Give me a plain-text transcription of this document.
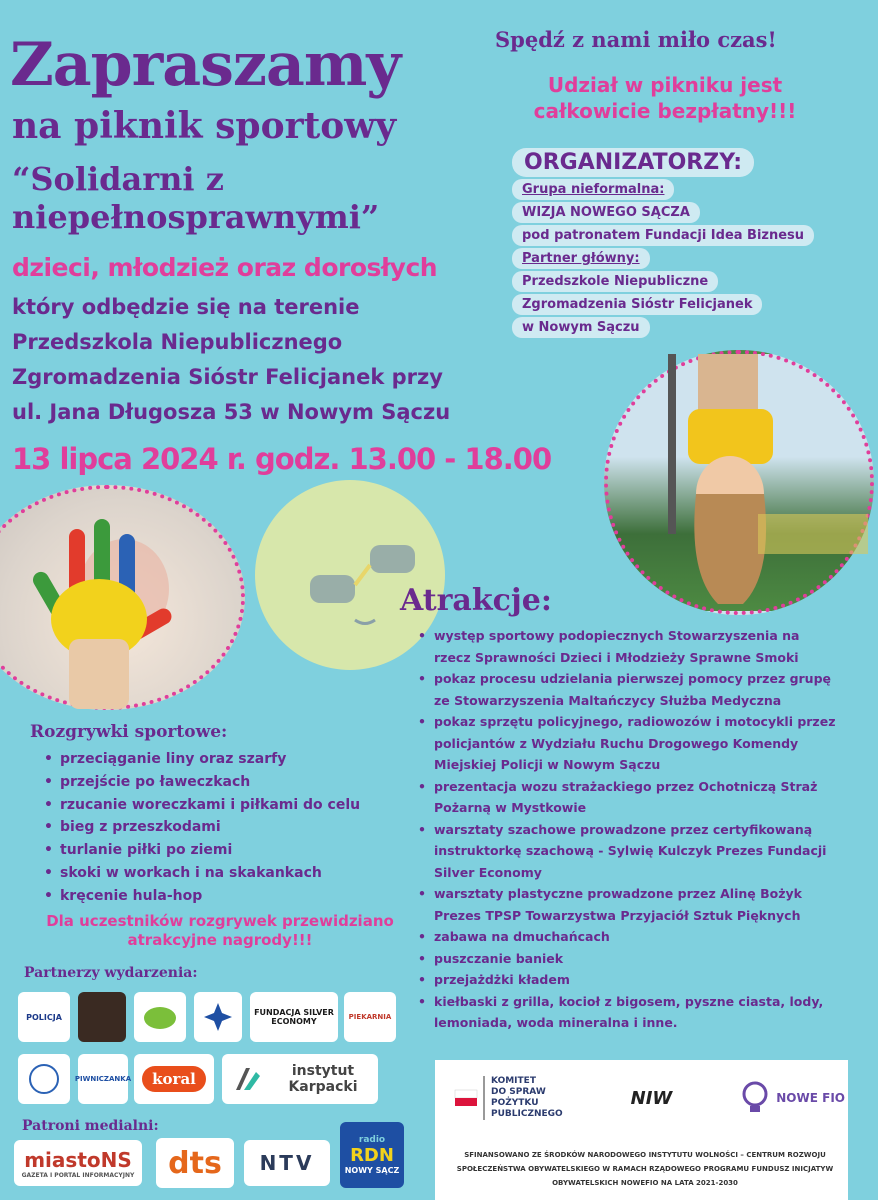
Zapraszamy
na piknik sportowy
“Solidarni z niepełnosprawnymi”
dzieci, młodzież oraz dorosłych
który odbędzie się na terenie
Przedszkola Niepublicznego
Zgromadzenia Sióstr Felicjanek przy
ul. Jana Długosza 53 w Nowym Sączu
13 lipca 2024 r. godz. 13.00 - 18.00
Spędź z nami miło czas!
Udział w pikniku jest całkowicie bezpłatny!!!
ORGANIZATORZY:
Grupa nieformalna:
WIZJA NOWEGO SĄCZA
pod patronatem Fundacji Idea Biznesu
Partner główny:
Przedszkole Niepubliczne
Zgromadzenia Sióstr Felicjanek
w Nowym Sączu
Atrakcje:
• występ sportowy podopiecznych Stowarzyszenia na rzecz Sprawności Dzieci i Młodzieży Sprawne Smoki
• pokaz procesu udzielania pierwszej pomocy przez grupę ze Stowarzyszenia Maltańczycy Służba Medyczna
• pokaz sprzętu policyjnego, radiowozów i motocykli przez policjantów z Wydziału Ruchu Drogowego Komendy Miejskiej Policji w Nowym Sączu
• prezentacja wozu strażackiego przez Ochotniczą Straż Pożarną w Mystkowie
• warsztaty szachowe prowadzone przez certyfikowaną instruktorkę szachową - Sylwię Kulczyk Prezes Fundacji Silver Economy
• warsztaty plastyczne prowadzone przez Alinę Bożyk Prezes TPSP Towarzystwa Przyjaciół Sztuk Pięknych
• zabawa na dmuchańcach
• puszczanie baniek
• przejażdżki kładem
• kiełbaski z grilla, kocioł z bigosem, pyszne ciasta, lody, lemoniada, woda mineralna i inne.
Rozgrywki sportowe:
• przeciąganie liny oraz szarfy
• przejście po ławeczkach
• rzucanie woreczkami i piłkami do celu
• bieg z przeszkodami
• turlanie piłki po ziemi
• skoki w workach i na skakankach
• kręcenie hula-hop
Dla uczestników rozgrywek przewidziano atrakcyjne nagrody!!!
Partnerzy wydarzenia:
POLICJA	FUNDACJA SILVER ECONOMY	PIEKARNIA
PIWNICZANKA	koral	instytut Karpacki
Patroni medialni:
miastoNS
GAZETA I PORTAL INFORMACYJNY dts NTV
radio
RDN
NOWY SĄCZ
KOMITET
DO SPRAW
POŻYTKU
PUBLICZNEGO
NIW	NOWE FIO
SFINANSOWANO ZE ŚRODKÓW NARODOWEGO INSTYTUTU WOLNOŚCI – CENTRUM ROZWOJU SPOŁECZEŃSTWA OBYWATELSKIEGO W RAMACH RZĄDOWEGO PROGRAMU FUNDUSZ INICJATYW OBYWATELSKICH NOWEFIO NA LATA 2021-2030
